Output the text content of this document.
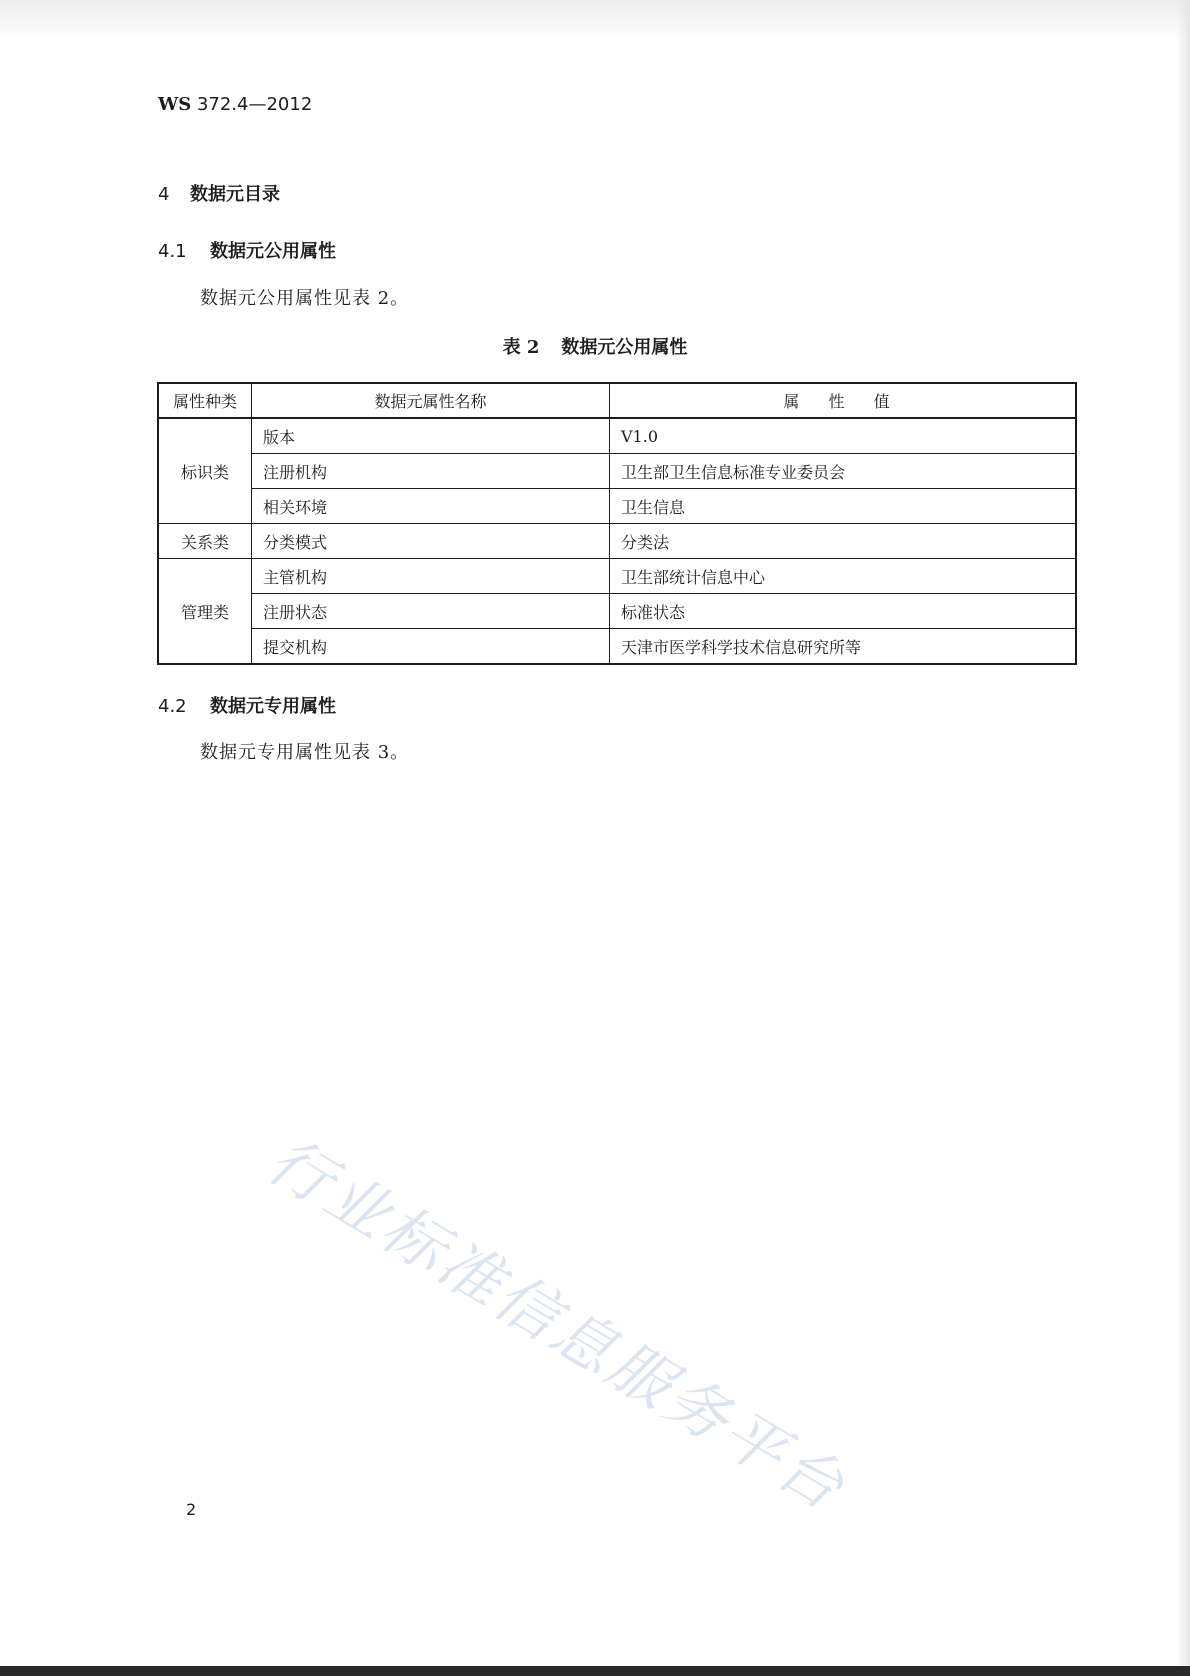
WS 372.4—2012
4 数据元目录
4.1 数据元公用属性
数据元公用属性见表 2。
表 2 数据元公用属性
属性种类	数据元属性名称	属 性 值
标识类	版本	V1.0
	注册机构	卫生部卫生信息标准专业委员会
	相关环境	卫生信息
关系类	分类模式	分类法
管理类	主管机构	卫生部统计信息中心
	注册状态	标准状态
	提交机构	天津市医学科学技术信息研究所等
4.2 数据元专用属性
数据元专用属性见表 3。
行业标准信息服务平台
2
